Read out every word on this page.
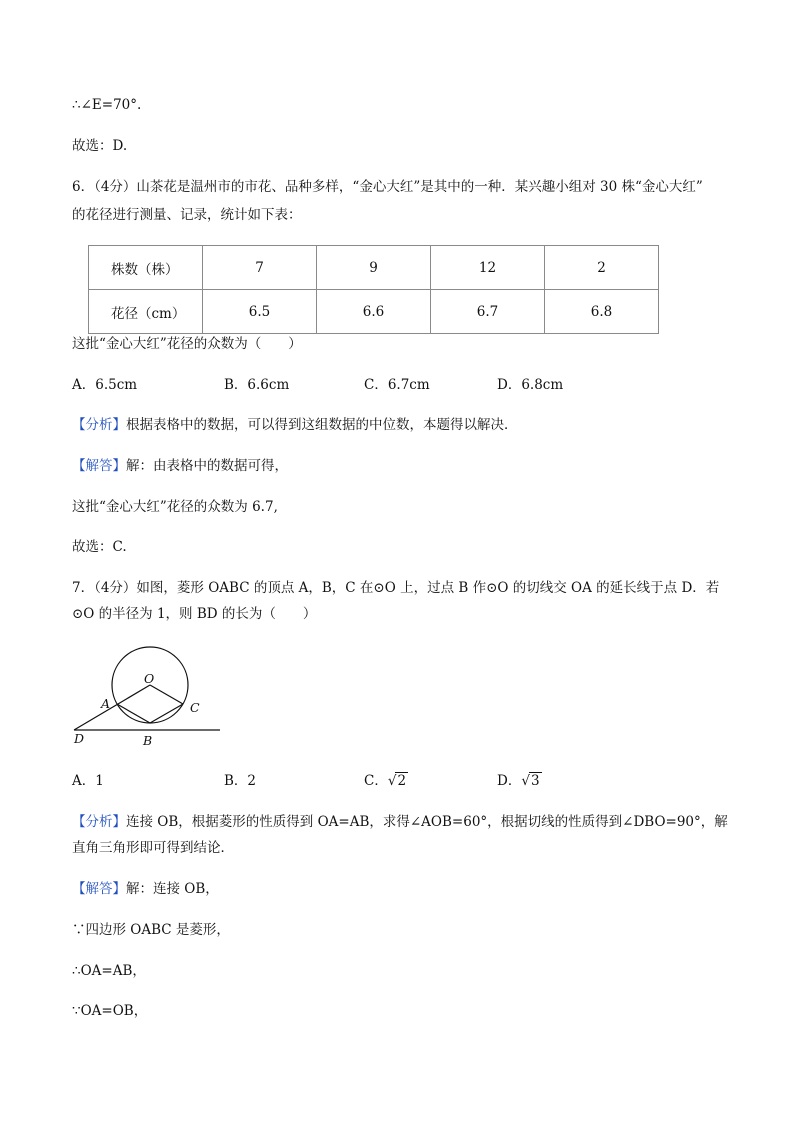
∴∠E=70°.
故选：D.
6．（4分）山茶花是温州市的市花、品种多样，“金心大红”是其中的一种．某兴趣小组对 30 株“金心大红”
的花径进行测量、记录，统计如下表：
株数（株）	7	9	12	2
花径（cm）	6.5	6.6	6.7	6.8
这批“金心大红”花径的众数为（　　）
A．6.5cm	B．6.6cm	C．6.7cm	D．6.8cm
【分析】根据表格中的数据，可以得到这组数据的中位数，本题得以解决．
【解答】解：由表格中的数据可得，
这批“金心大红”花径的众数为 6.7,
故选：C.
7．（4分）如图，菱形 OABC 的顶点 A，B，C 在⊙O 上，过点 B 作⊙O 的切线交 OA 的延长线于点 D．若
⊙O 的半径为 1，则 BD 的长为（　　）
O
A	C
D	B
A．1	B．2	C．√2	D．√3
【分析】连接 OB，根据菱形的性质得到 OA=AB，求得∠AOB=60°，根据切线的性质得到∠DBO=90°，解
直角三角形即可得到结论．
【解答】解：连接 OB，
∵四边形 OABC 是菱形，
∴OA=AB，
∵OA=OB，
